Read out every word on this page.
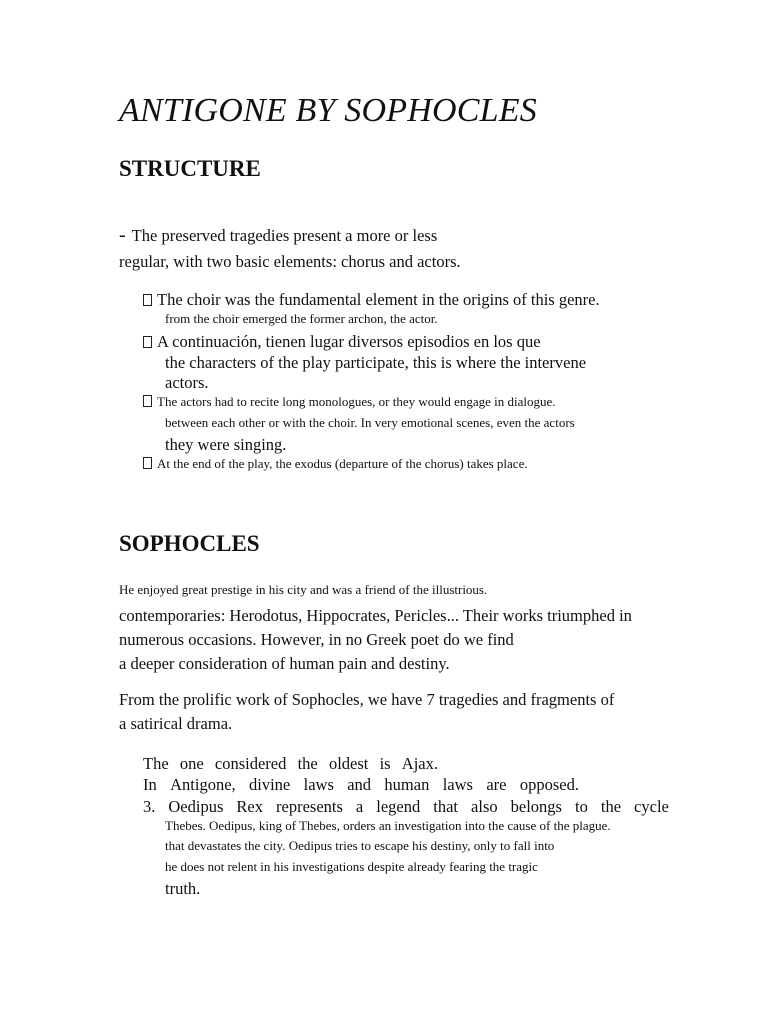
ANTIGONE BY SOPHOCLES
STRUCTURE
- The preserved tragedies present a more or less
regular, with two basic elements: chorus and actors.
The choir was the fundamental element in the origins of this genre.
from the choir emerged the former archon, the actor.
A continuación, tienen lugar diversos episodios en los que
the characters of the play participate, this is where the intervene
actors.
The actors had to recite long monologues, or they would engage in dialogue.
between each other or with the choir. In very emotional scenes, even the actors
they were singing.
At the end of the play, the exodus (departure of the chorus) takes place.
SOPHOCLES
He enjoyed great prestige in his city and was a friend of the illustrious.
contemporaries: Herodotus, Hippocrates, Pericles... Their works triumphed in
numerous occasions. However, in no Greek poet do we find
a deeper consideration of human pain and destiny.
From the prolific work of Sophocles, we have 7 tragedies and fragments of
a satirical drama.
The one considered the oldest is Ajax.
In Antigone, divine laws and human laws are opposed.
3. Oedipus Rex represents a legend that also belongs to the cycle
Thebes. Oedipus, king of Thebes, orders an investigation into the cause of the plague.
that devastates the city. Oedipus tries to escape his destiny, only to fall into
he does not relent in his investigations despite already fearing the tragic
truth.
